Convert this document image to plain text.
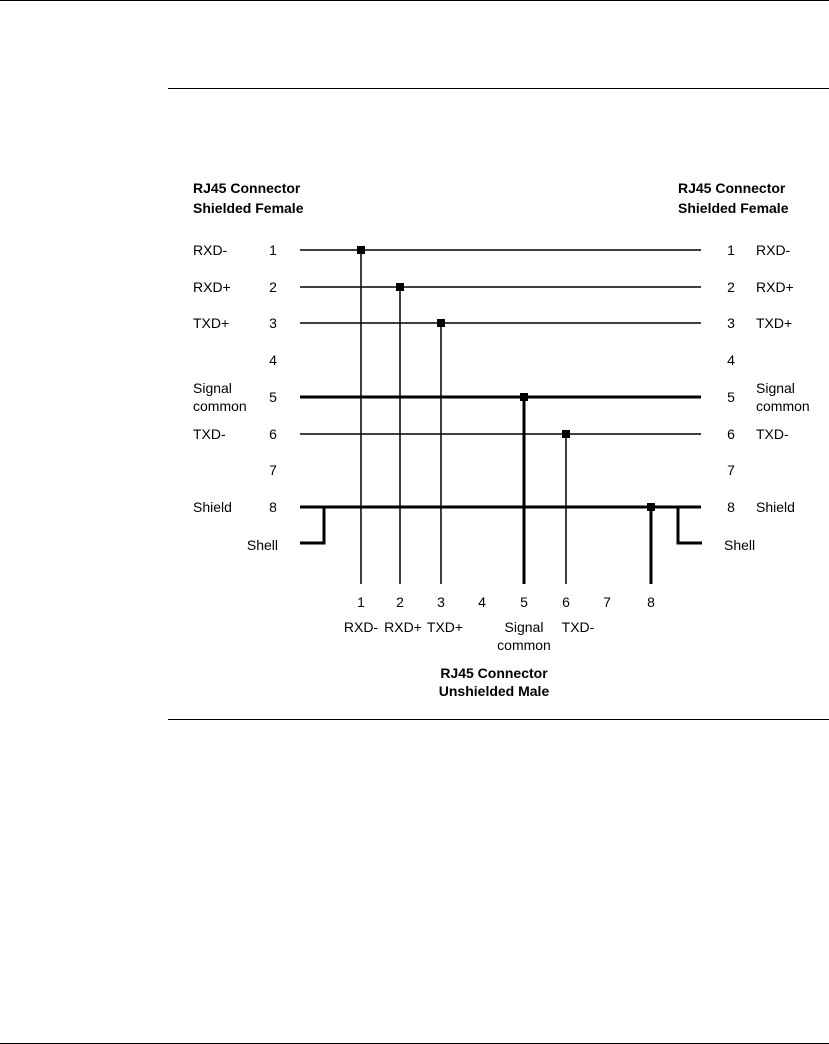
RJ45 Connector
Shielded Female
RJ45 Connector
Shielded Female
RJ45 Connector
Unshielded Male
Shell	Shell
1
RXD-
2
RXD+
3
TXD+
4
5
Signal
common
6
TXD-
7
8
Shield
1 RXD-
2 RXD+
3 TXD+
4
5
Signal
common
6 TXD-
7
8 Shield
1
RXD-
2
RXD+
3
TXD+
4 5
Signal
common
6
TXD-
7	8
